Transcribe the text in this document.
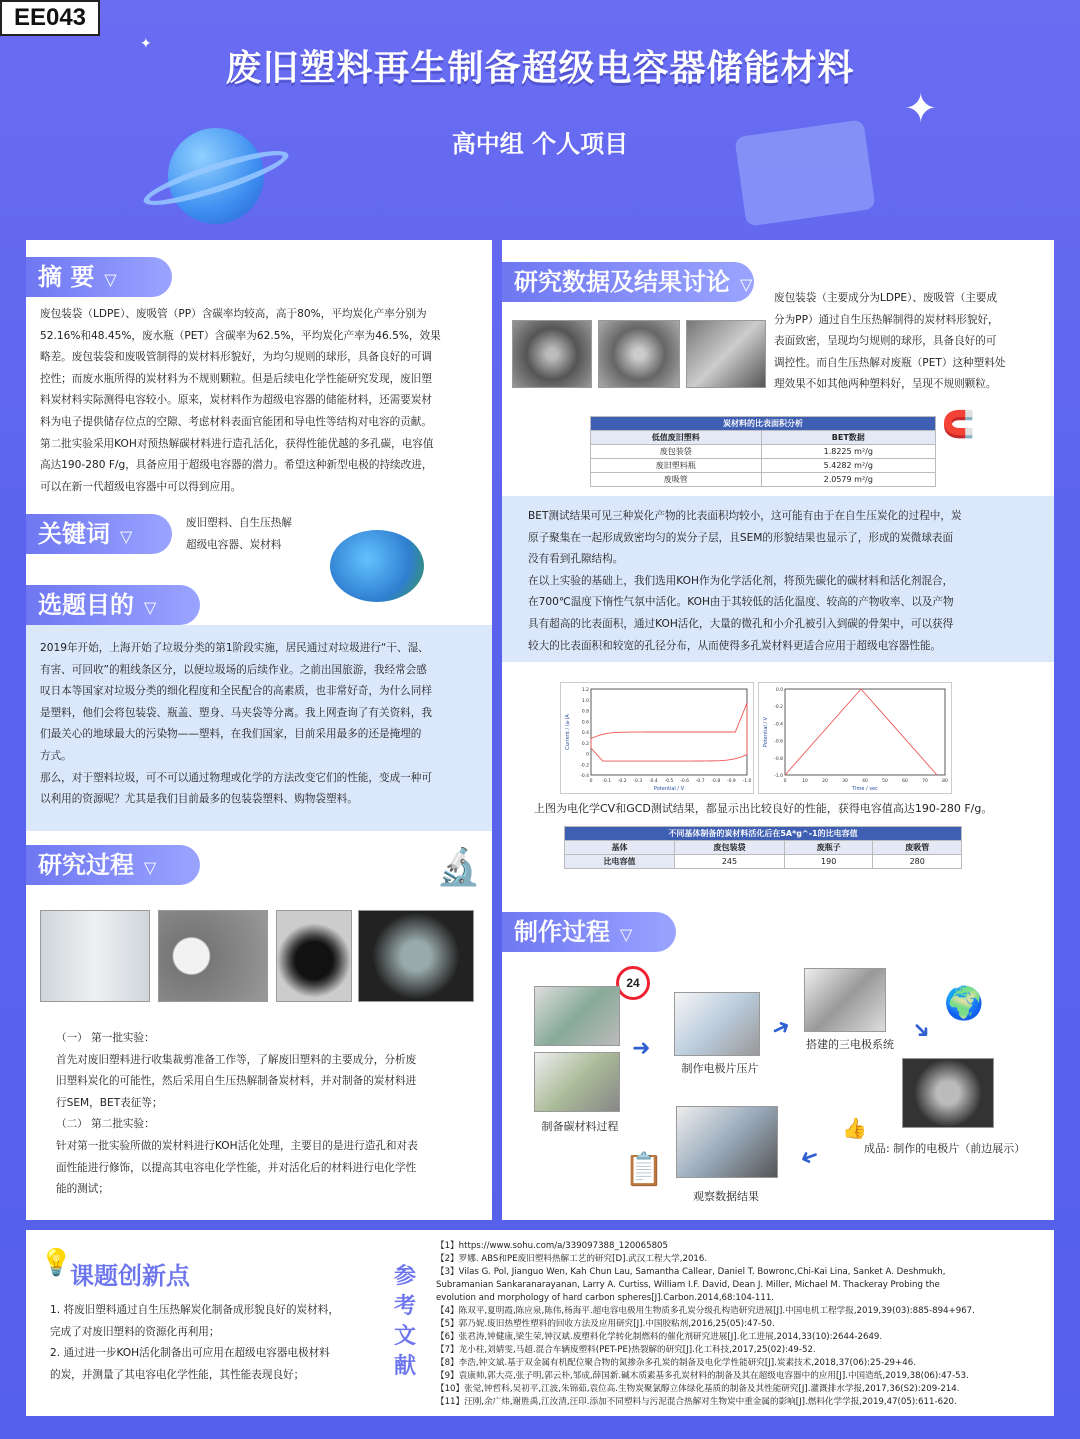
EE043
✦
✦
废旧塑料再生制备超级电容器储能材料
高中组 个人项目
摘 要 ▽
废包装袋（LDPE）、废吸管（PP）含碳率均较高，高于80%，平均炭化产率分别为
52.16%和48.45%，废水瓶（PET）含碳率为62.5%，平均炭化产率为46.5%，效果
略差。废包装袋和废吸管制得的炭材料形貌好，为均匀规则的球形，具备良好的可调
控性；而废水瓶所得的炭材料为不规则颗粒。但是后续电化学性能研究发现，废旧塑
料炭材料实际测得电容较小。原来，炭材料作为超级电容器的储能材料，还需要炭材
料为电子提供储存位点的空隙、考虑材料表面官能团和导电性等结构对电容的贡献。
第二批实验采用KOH对预热解碳材料进行造孔活化，获得性能优越的多孔碳，电容值
高达190-280 F/g，具备应用于超级电容器的潜力。希望这种新型电极的持续改进，
可以在新一代超级电容器中可以得到应用。
关键词 ▽
废旧塑料、自生压热解
超级电容器、炭材料
选题目的 ▽
2019年开始，上海开始了垃圾分类的第1阶段实施，居民通过对垃圾进行“干、湿、
有害、可回收”的粗线条区分，以便垃圾场的后续作业。之前出国旅游，我经常会感
叹日本等国家对垃圾分类的细化程度和全民配合的高素质，也非常好奇，为什么同样
是塑料，他们会将包装袋、瓶盖、塑身、马夹袋等分离。我上网查询了有关资料，我
们最关心的地球最大的污染物——塑料，在我们国家，目前采用最多的还是掩埋的
方式。
那么，对于塑料垃圾，可不可以通过物理或化学的方法改变它们的性能，变成一种可
以利用的资源呢？尤其是我们目前最多的包装袋塑料、购物袋塑料。
研究过程 ▽	🔬
（一） 第一批实验：
首先对废旧塑料进行收集裁剪准备工作等，了解废旧塑料的主要成分，分析废
旧塑料炭化的可能性，然后采用自生压热解制备炭材料，并对制备的炭材料进
行SEM，BET表征等；
（二） 第二批实验：
针对第一批实验所做的炭材料进行KOH活化处理，主要目的是进行造孔和对表
面性能进行修饰，以提高其电容电化学性能，并对活化后的材料进行电化学性
能的测试；
研究数据及结果讨论 ▽
废包装袋（主要成分为LDPE）、废吸管（主要成
分为PP）通过自生压热解制得的炭材料形貌好，
表面致密，呈现均匀规则的球形，具备良好的可
调控性。而自生压热解对废瓶（PET）这种塑料处
理效果不如其他两种塑料好，呈现不规则颗粒。
炭材料的比表面积分析	
低值废旧塑料	BET数据
废包装袋	1.8225 m²/g
废旧塑料瓶	5.4282 m²/g
废吸管	2.0579 m²/g
🧲
BET测试结果可见三种炭化产物的比表面积均较小，这可能有由于在自生压炭化的过程中，炭
原子聚集在一起形成致密均匀的炭分子层，且SEM的形貌结果也显示了，形成的炭微球表面
没有看到孔隙结构。
在以上实验的基础上，我们选用KOH作为化学活化剂，将预先碳化的碳材料和活化剂混合，
在700℃温度下惰性气氛中活化。KOH由于其较低的活化温度、较高的产物收率、以及产物
具有超高的比表面积，通过KOH活化，大量的微孔和小介孔被引入到碳的骨架中，可以获得
较大的比表面积和较宽的孔径分布，从而使得多孔炭材料更适合应用于超级电容器性能。
1.2
1.0
0.8
0.6
0.4
0.2
0
-0.2
-0.4
0 -0.1 -0.2 -0.3 -0.4 -0.5 -0.6 -0.7 -0.8 -0.9 -1.0
Potential / V
Current / (a·)A
0.0
-0.2
-0.4
-0.6
-0.8
-1.0
0	10	20	30	40	50	60	70	80
Time / sec
Potential / V
上图为电化学CV和GCD测试结果，都显示出比较良好的性能，获得电容值高达190-280 F/g。
不同基体制备的炭材料活化后在5A*g^-1的比电容值			
基体	废包装袋	废瓶子	废吸管
比电容值	245	190	280
制作过程 ▽
24
制备碳材料过程
➜
制作电极片压片
➜
搭建的三电极系统
🌍
➜
👍
成品: 制作的电极片（前边展示）
➜
观察数据结果
📋
💡
课题创新点
1. 将废旧塑料通过自生压热解炭化制备成形貌良好的炭材料，
完成了对废旧塑料的资源化再利用；
2. 通过进一步KOH活化制备出可应用在超级电容器电极材料
的炭，并测量了其电容电化学性能，其性能表现良好；
参
考
文
献
【1】https://www.sohu.com/a/339097388_120065805
【2】罗娜. ABS和PE废旧塑料热解工艺的研究[D].武汉工程大学,2016.
【3】Vilas G. Pol, Jianguo Wen, Kah Chun Lau, Samantha Callear, Daniel T. Bowronc,Chi-Kai Lina, Sanket A. Deshmukh,
Subramanian Sankaranarayanan, Larry A. Curtiss, William I.F. David, Dean J. Miller, Michael M. Thackeray Probing the
evolution and morphology of hard carbon spheres[J].Carbon.2014,68:104-111.
【4】陈双平,夏明霞,陈应泉,陈伟,杨海平.超电容电极用生物质多孔炭分级孔构造研究进展[J].中国电机工程学报,2019,39(03):885-894+967.
【5】郭乃妮.废旧热塑性塑料的回收方法及应用研究[J].中国胶粘剂,2016,25(05):47-50.
【6】张君涛,钟健康,梁生荣,钟汉斌.废塑料化学转化制燃料的催化剂研究进展[J].化工进展,2014,33(10):2644-2649.
【7】龙小柱,刘婧雯,马超.混合车辆废塑料(PET-PE)热裂解的研究[J].化工科技,2017,25(02):49-52.
【8】李浩,钟文斌.基于双金属有机配位聚合物的氮掺杂多孔炭的制备及电化学性能研究[J].炭素技术,2018,37(06):25-29+46.
【9】袁康帅,郭大亮,张子明,郭云朴,邹成,薛国新.碱木质素基多孔炭材料的制备及其在超级电容器中的应用[J].中国造纸,2019,38(06):47-53.
【10】张觉,钟哲科,吴初平,江波,朱锦茹,袁位高.生物炭聚氯醇立体绿化基质的制备及其性能研究[J].灌溉排水学报,2017,36(S2):209-214.
【11】汪刚,余广炜,谢胜禹,江汝清,汪印.添加不同塑料与污泥混合热解对生物炭中重金属的影响[J].燃料化学学报,2019,47(05):611-620.
